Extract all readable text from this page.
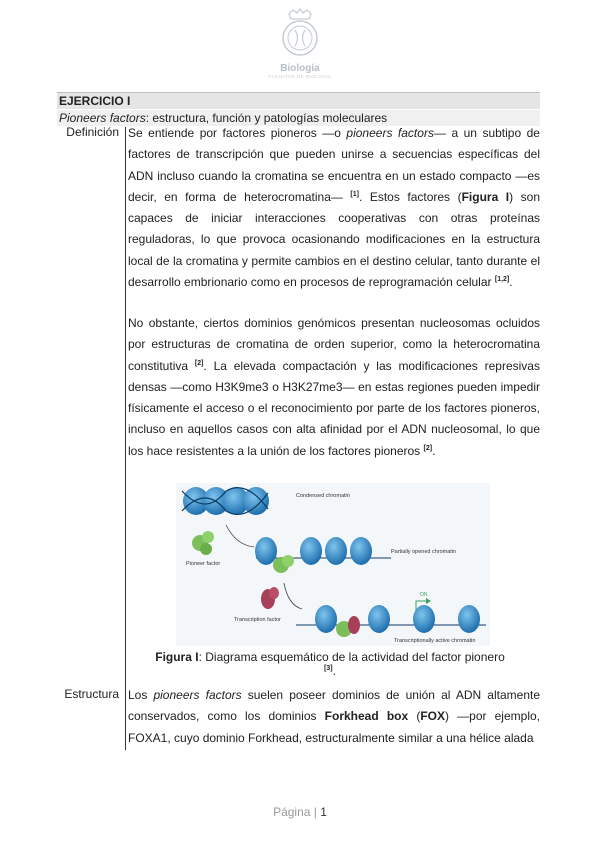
Biología
FACULTAD DE BIOLOGÍA
EJERCICIO I
Pioneers factors: estructura, función y patologías moleculares
Definición
Estructura
Se entiende por factores pioneros —o pioneers factors— a un subtipo de factores de transcripción que pueden unirse a secuencias específicas del ADN incluso cuando la cromatina se encuentra en un estado compacto —es decir, en forma de heterocromatina— [1]. Estos factores (Figura I) son capaces de iniciar interacciones cooperativas con otras proteínas reguladoras, lo que provoca ocasionando modificaciones en la estructura local de la cromatina y permite cambios en el destino celular, tanto durante el desarrollo embrionario como en procesos de reprogramación celular [1,2].
No obstante, ciertos dominios genómicos presentan nucleosomas ocluidos por estructuras de cromatina de orden superior, como la heterocromatina constitutiva [2]. La elevada compactación y las modificaciones represivas densas —como H3K9me3 o H3K27me3— en estas regiones pueden impedir físicamente el acceso o el reconocimiento por parte de los factores pioneros, incluso en aquellos casos con alta afinidad por el ADN nucleosomal, lo que los hace resistentes a la unión de los factores pioneros [2].
Condensed chromatin
Pioneer factor
Partially opened chromatin
Transcription factor
ON
Transcriptionally active chromatin
Figura I: Diagrama esquemático de la actividad del factor pionero [3].
Los pioneers factors suelen poseer dominios de unión al ADN altamente conservados, como los dominios Forkhead box (FOX) —por ejemplo, FOXA1, cuyo dominio Forkhead, estructuralmente similar a una hélice alada
Página | 1
